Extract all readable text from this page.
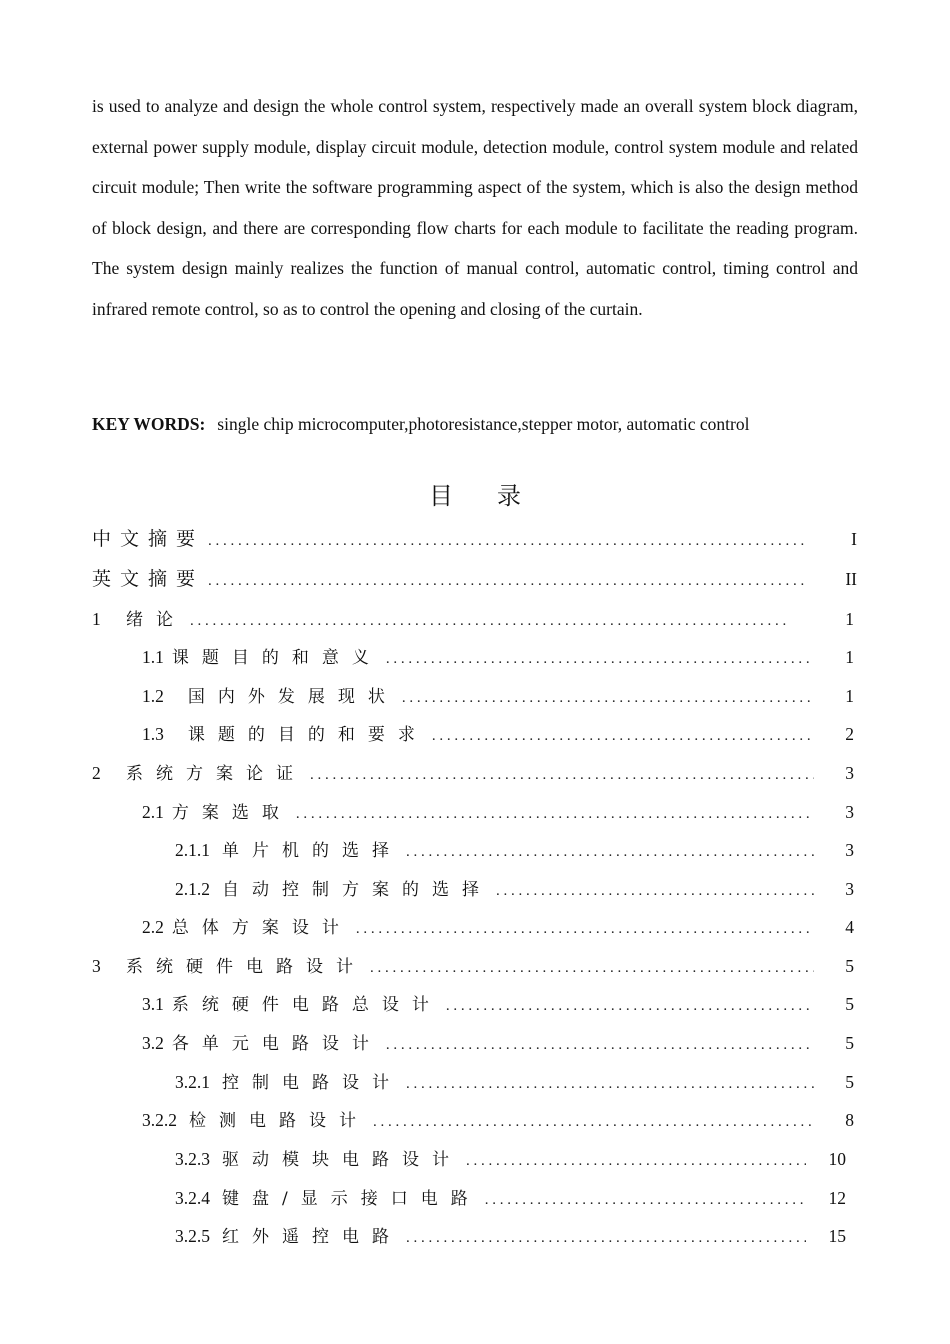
is used to analyze and design the whole control system, respectively made an overall system block diagram, external power supply module, display circuit module, detection module, control system module and related circuit module; Then write the software programming aspect of the system, which is also the design method of block design, and there are corresponding flow charts for each module to facilitate the reading program. The system design mainly realizes the function of manual control, automatic control, timing control and infrared remote control, so as to control the opening and closing of the curtain.

KEY WORDS: single chip microcomputer,photoresistance,stepper motor, automatic control
目 录
中文摘要 . . .	I
英文摘要 . . .	II
1	绪论 . . .	1
1.1 课题目的和意义 . . .	1
1.2 国内外发展现状 . . .	1
1.3 课题的目的和要求 . . .	2
2	系统方案论证 . . .	3
2.1 方案选取 . . .	3
2.1.1 单片机的选择 . . .	3
2.1.2 自动控制方案的选择 . . .	3
2.2 总体方案设计 . . .	4
3	系统硬件电路设计 . . .	5
3.1 系统硬件电路总设计 . . .	5
3.2 各单元电路设计 . . .	5
3.2.1 控制电路设计 . . .	5
3.2.2 检测电路设计 . . .	8
3.2.3 驱动模块电路设计 . . .	10
3.2.4 键盘/显示接口电路 . . .	12
3.2.5 红外遥控电路 . . .	15
